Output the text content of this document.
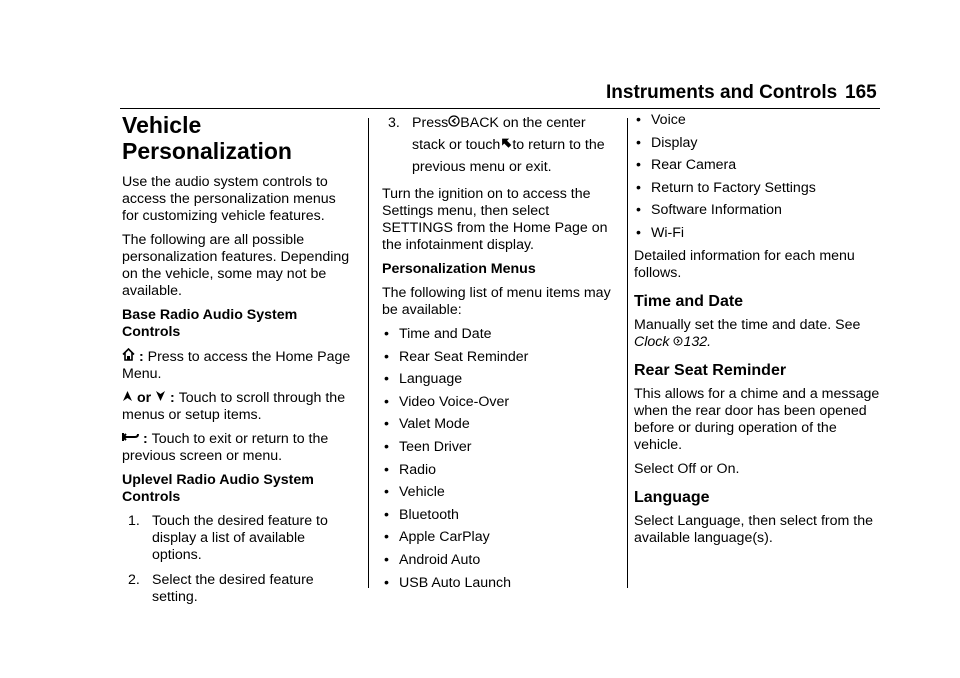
Instruments and Controls 165
Vehicle Personalization

Use the audio system controls to access the personalization menus for customizing vehicle features.

The following are all possible personalization features. Depending on the vehicle, some may not be available.

Base Radio Audio System Controls

: Press to access the Home Page Menu.

or  : Touch to scroll through the menus or setup items.

: Touch to exit or return to the previous screen or menu.

Uplevel Radio Audio System Controls

1. Touch the desired feature to display a list of available options.
2. Select the desired feature setting.
3. Press BACK on the center stack or touch to return to the previous menu or exit.

Turn the ignition on to access the Settings menu, then select SETTINGS from the Home Page on the infotainment display.

Personalization Menus

The following list of menu items may be available:

• Time and Date
• Rear Seat Reminder
• Language
• Video Voice-Over
• Valet Mode
• Teen Driver
• Radio
• Vehicle
• Bluetooth
• Apple CarPlay
• Android Auto
• USB Auto Launch
• Voice
• Display
• Rear Camera
• Return to Factory Settings
• Software Information
• Wi-Fi

Detailed information for each menu follows.

Time and Date

Manually set the time and date. See Clock 132.

Rear Seat Reminder

This allows for a chime and a message when the rear door has been opened before or during operation of the vehicle.

Select Off or On.

Language

Select Language, then select from the available language(s).
